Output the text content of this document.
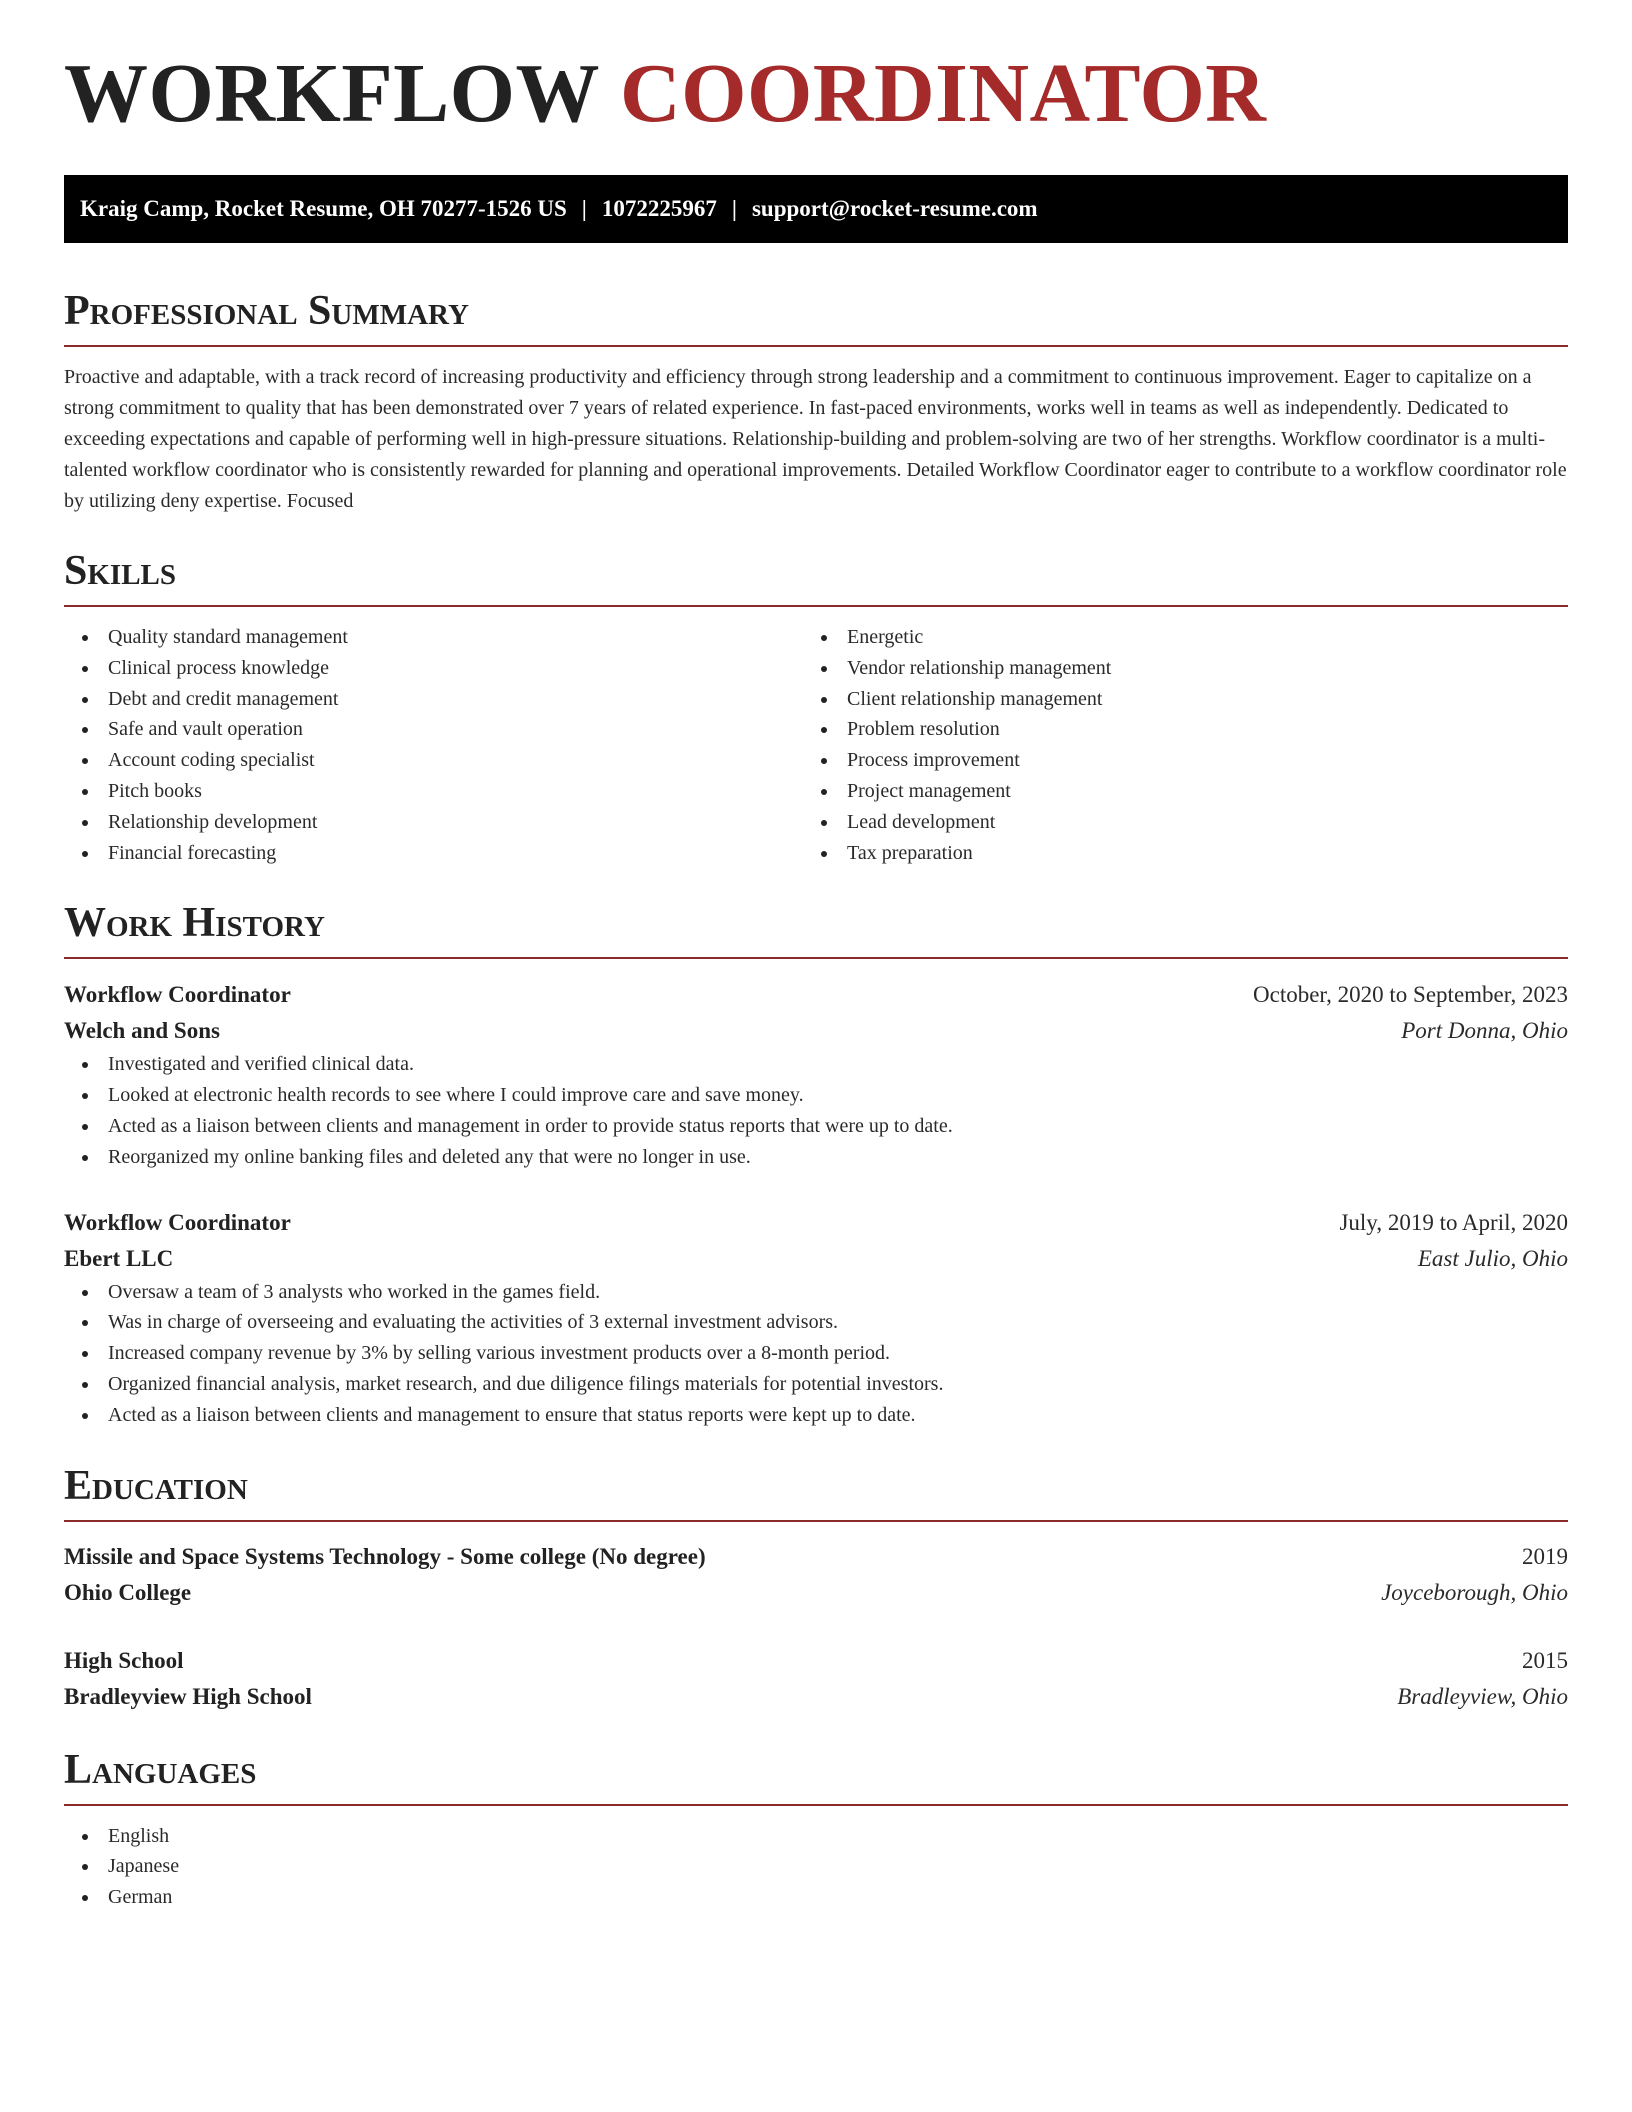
WORKFLOW COORDINATOR
Kraig Camp, Rocket Resume, OH 70277-1526 US | 1072225967 | support@rocket-resume.com
Professional Summary

Proactive and adaptable, with a track record of increasing productivity and efficiency through strong leadership and a commitment to continuous improvement. Eager to capitalize on a strong commitment to quality that has been demonstrated over 7 years of related experience. In fast-paced environments, works well in teams as well as independently. Dedicated to exceeding expectations and capable of performing well in high-pressure situations. Relationship-building and problem-solving are two of her strengths. Workflow coordinator is a multi-talented workflow coordinator who is consistently rewarded for planning and operational improvements. Detailed Workflow Coordinator eager to contribute to a workflow coordinator role by utilizing deny expertise. Focused

Skills
Quality standard management
Clinical process knowledge
Debt and credit management
Safe and vault operation
Account coding specialist
Pitch books
Relationship development
Financial forecasting
Energetic
Vendor relationship management
Client relationship management
Problem resolution
Process improvement
Project management
Lead development
Tax preparation
Work History
Workflow Coordinator	October, 2020 to September, 2023
Welch and Sons	Port Donna, Ohio
Investigated and verified clinical data.
Looked at electronic health records to see where I could improve care and save money.
Acted as a liaison between clients and management in order to provide status reports that were up to date.
Reorganized my online banking files and deleted any that were no longer in use.
Workflow Coordinator	July, 2019 to April, 2020
Ebert LLC	East Julio, Ohio
Oversaw a team of 3 analysts who worked in the games field.
Was in charge of overseeing and evaluating the activities of 3 external investment advisors.
Increased company revenue by 3% by selling various investment products over a 8-month period.
Organized financial analysis, market research, and due diligence filings materials for potential investors.
Acted as a liaison between clients and management to ensure that status reports were kept up to date.
Education
Missile and Space Systems Technology - Some college (No degree)	2019
Ohio College	Joyceborough, Ohio
High School	2015
Bradleyview High School	Bradleyview, Ohio
Languages
English
Japanese
German
